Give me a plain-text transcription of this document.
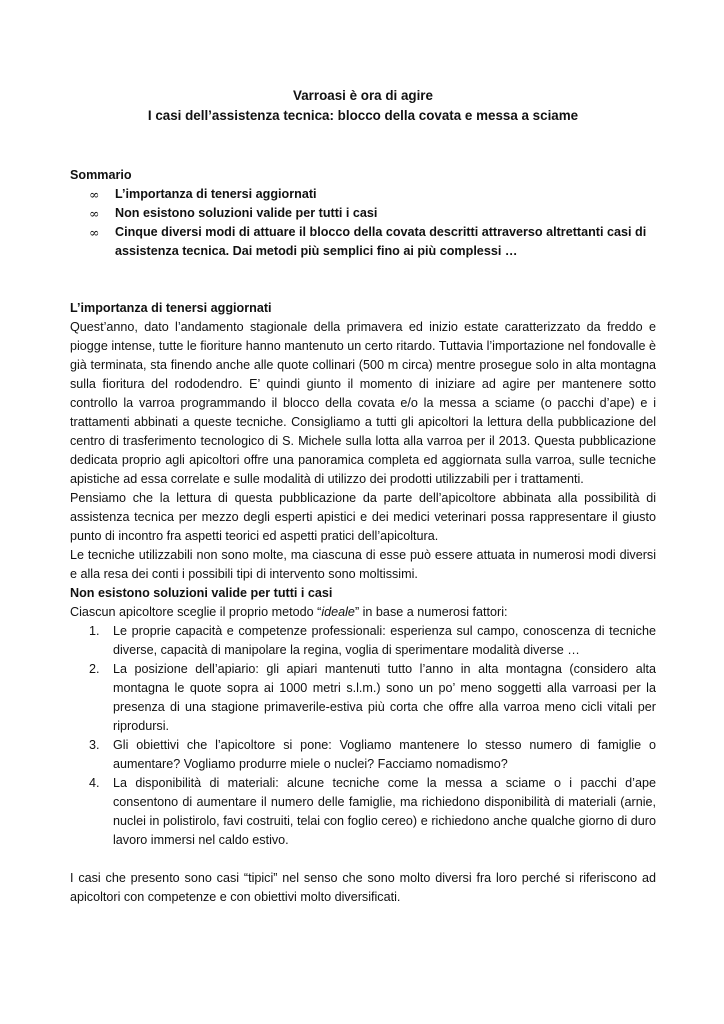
Varroasi è ora di agire
I casi dell’assistenza tecnica: blocco della covata e messa a sciame
Sommario
∞ L’importanza di tenersi aggiornati
∞ Non esistono soluzioni valide per tutti i casi
∞ Cinque diversi modi di attuare il blocco della covata descritti attraverso altrettanti casi di assistenza tecnica. Dai metodi più semplici fino ai più complessi …
L’importanza di tenersi aggiornati

Quest’anno, dato l’andamento stagionale della primavera ed inizio estate caratterizzato da freddo e piogge intense, tutte le fioriture hanno mantenuto un certo ritardo. Tuttavia l’importazione nel fondovalle è già terminata, sta finendo anche alle quote collinari (500 m circa) mentre prosegue solo in alta montagna sulla fioritura del rododendro. E’ quindi giunto il momento di iniziare ad agire per mantenere sotto controllo la varroa programmando il blocco della covata e/o la messa a sciame (o pacchi d’ape) e i trattamenti abbinati a queste tecniche. Consigliamo a tutti gli apicoltori la lettura della pubblicazione del centro di trasferimento tecnologico di S. Michele sulla lotta alla varroa per il 2013. Questa pubblicazione dedicata proprio agli apicoltori offre una panoramica completa ed aggiornata sulla varroa, sulle tecniche apistiche ad essa correlate e sulle modalità di utilizzo dei prodotti utilizzabili per i trattamenti.

Pensiamo che la lettura di questa pubblicazione da parte dell’apicoltore abbinata alla possibilità di assistenza tecnica per mezzo degli esperti apistici e dei medici veterinari possa rappresentare il giusto punto di incontro fra aspetti teorici ed aspetti pratici dell’apicoltura.

Le tecniche utilizzabili non sono molte, ma ciascuna di esse può essere attuata in numerosi modi diversi e alla resa dei conti i possibili tipi di intervento sono moltissimi.

Non esistono soluzioni valide per tutti i casi

Ciascun apicoltore sceglie il proprio metodo “ideale” in base a numerosi fattori:

1. Le proprie capacità e competenze professionali: esperienza sul campo, conoscenza di tecniche diverse, capacità di manipolare la regina, voglia di sperimentare modalità diverse …
2. La posizione dell’apiario: gli apiari mantenuti tutto l’anno in alta montagna (considero alta montagna le quote sopra ai 1000 metri s.l.m.) sono un po’ meno soggetti alla varroasi per la presenza di una stagione primaverile-estiva più corta che offre alla varroa meno cicli vitali per riprodursi.
3. Gli obiettivi che l’apicoltore si pone: Vogliamo mantenere lo stesso numero di famiglie o aumentare? Vogliamo produrre miele o nuclei? Facciamo nomadismo?
4. La disponibilità di materiali: alcune tecniche come la messa a sciame o i pacchi d’ape consentono di aumentare il numero delle famiglie, ma richiedono disponibilità di materiali (arnie, nuclei in polistirolo, favi costruiti, telai con foglio cereo) e richiedono anche qualche giorno di duro lavoro immersi nel caldo estivo.

I casi che presento sono casi “tipici” nel senso che sono molto diversi fra loro perché si riferiscono ad apicoltori con competenze e con obiettivi molto diversificati.
